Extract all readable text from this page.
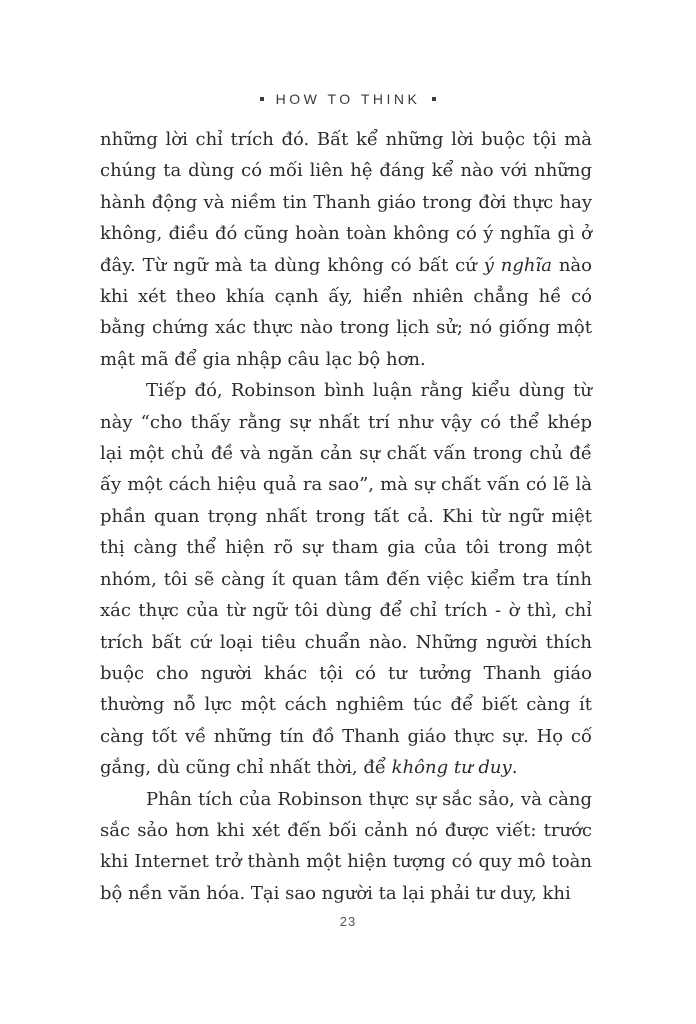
HOW TO THINK

những lời chỉ trích đó. Bất kể những lời buộc tội mà chúng ta dùng có mối liên hệ đáng kể nào với những hành động và niềm tin Thanh giáo trong đời thực hay không, điều đó cũng hoàn toàn không có ý nghĩa gì ở đây. Từ ngữ mà ta dùng không có bất cứ ý nghĩa nào khi xét theo khía cạnh ấy, hiển nhiên chẳng hề có bằng chứng xác thực nào trong lịch sử; nó giống một mật mã để gia nhập câu lạc bộ hơn.

Tiếp đó, Robinson bình luận rằng kiểu dùng từ này “cho thấy rằng sự nhất trí như vậy có thể khép lại một chủ đề và ngăn cản sự chất vấn trong chủ đề ấy một cách hiệu quả ra sao”, mà sự chất vấn có lẽ là phần quan trọng nhất trong tất cả. Khi từ ngữ miệt thị càng thể hiện rõ sự tham gia của tôi trong một nhóm, tôi sẽ càng ít quan tâm đến việc kiểm tra tính xác thực của từ ngữ tôi dùng để chỉ trích - ờ thì, chỉ trích bất cứ loại tiêu chuẩn nào. Những người thích buộc cho người khác tội có tư tưởng Thanh giáo thường nỗ lực một cách nghiêm túc để biết càng ít càng tốt về những tín đồ Thanh giáo thực sự. Họ cố gắng, dù cũng chỉ nhất thời, để không tư duy.

Phân tích của Robinson thực sự sắc sảo, và càng sắc sảo hơn khi xét đến bối cảnh nó được viết: trước khi Internet trở thành một hiện tượng có quy mô toàn bộ nền văn hóa. Tại sao người ta lại phải tư duy, khi

23
